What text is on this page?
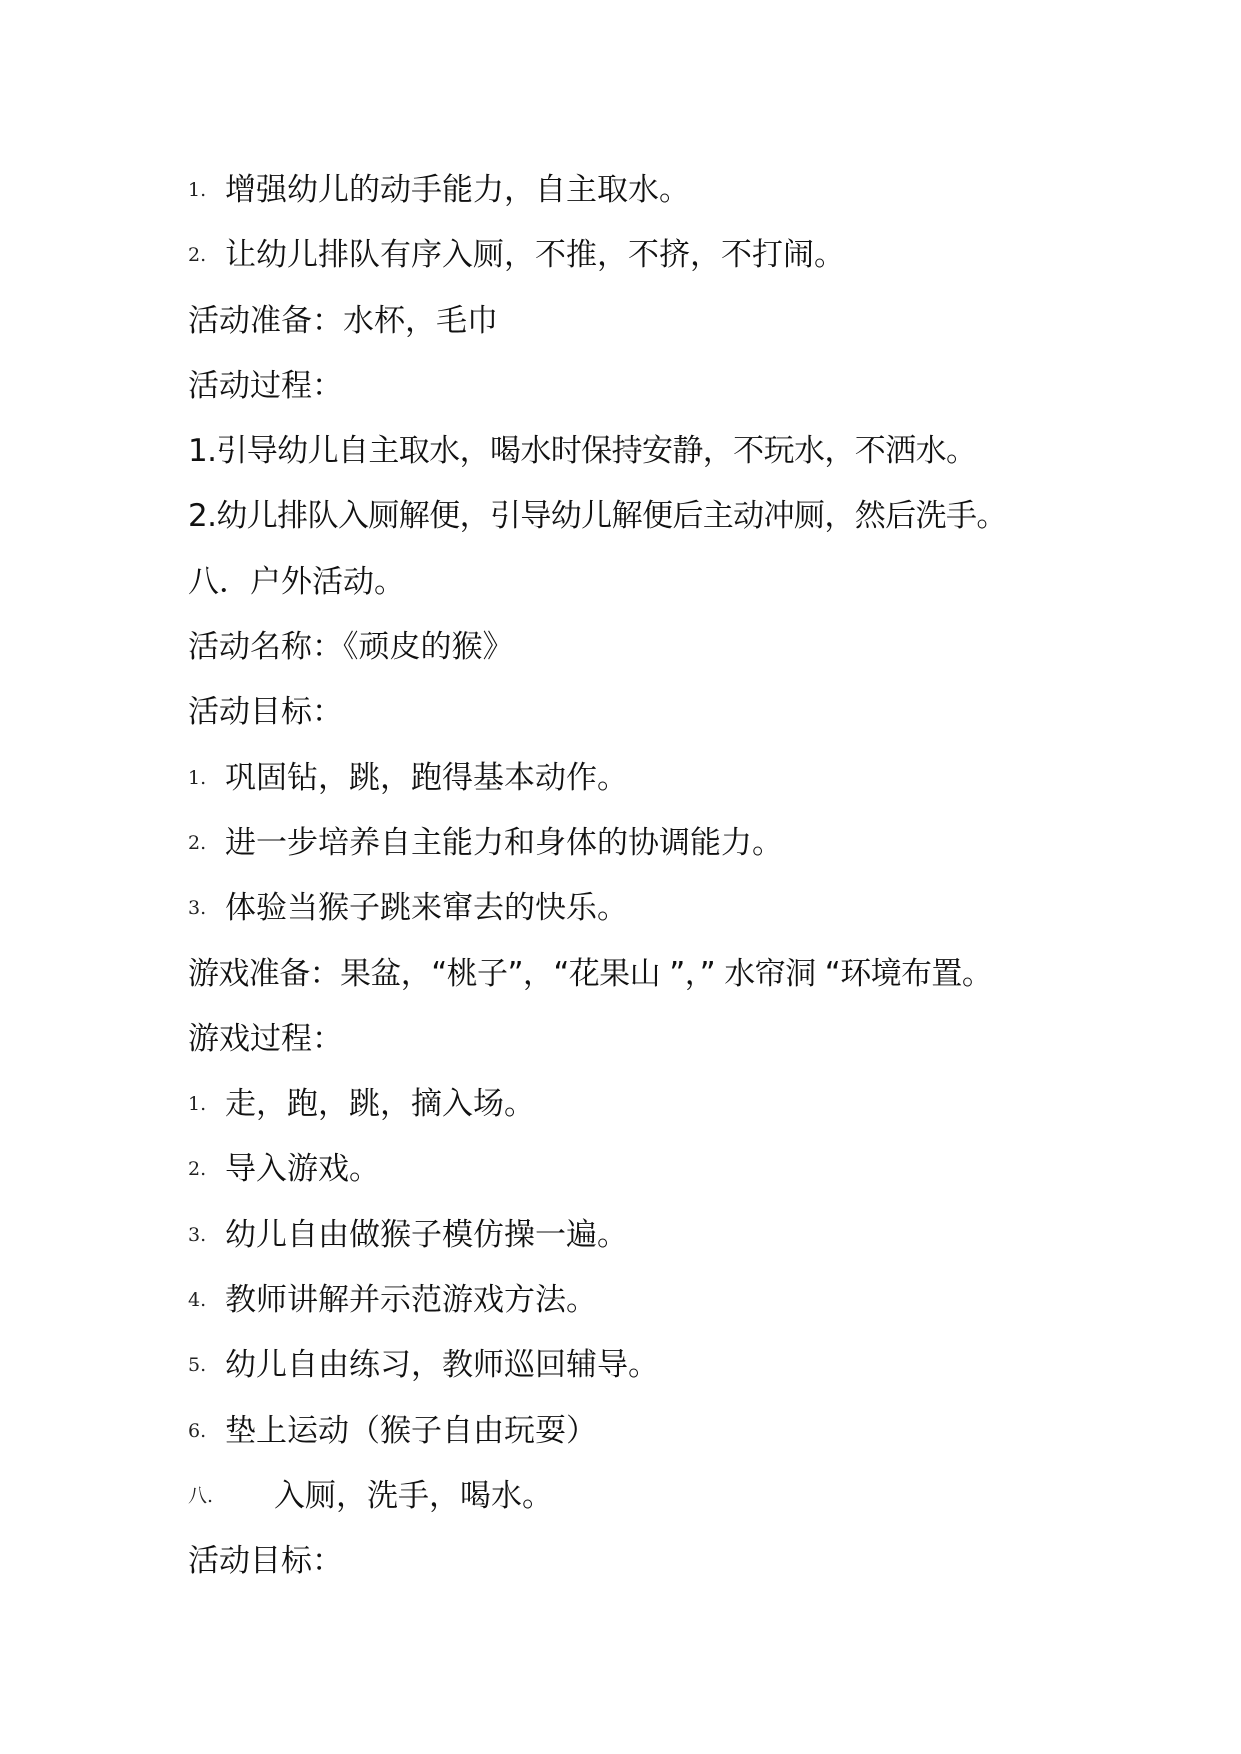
1. 增强幼儿的动手能力，自主取水。
2. 让幼儿排队有序入厕，不推，不挤，不打闹。
活动准备：水杯，毛巾
活动过程：
1.引导幼儿自主取水，喝水时保持安静，不玩水，不洒水。
2.幼儿排队入厕解便，引导幼儿解便后主动冲厕，然后洗手。
八．户外活动。
活动名称：《顽皮的猴》
活动目标：
1. 巩固钻，跳，跑得基本动作。
2. 进一步培养自主能力和身体的协调能力。
3. 体验当猴子跳来窜去的快乐。
游戏准备：果盆，“桃子”，“花果山 ”，” 水帘洞 “环境布置。
游戏过程：
1. 走，跑，跳，摘入场。
2. 导入游戏。
3. 幼儿自由做猴子模仿操一遍。
4. 教师讲解并示范游戏方法。
5. 幼儿自由练习，教师巡回辅导。
6. 垫上运动（猴子自由玩耍）
八.	入厕，洗手，喝水。
活动目标：
